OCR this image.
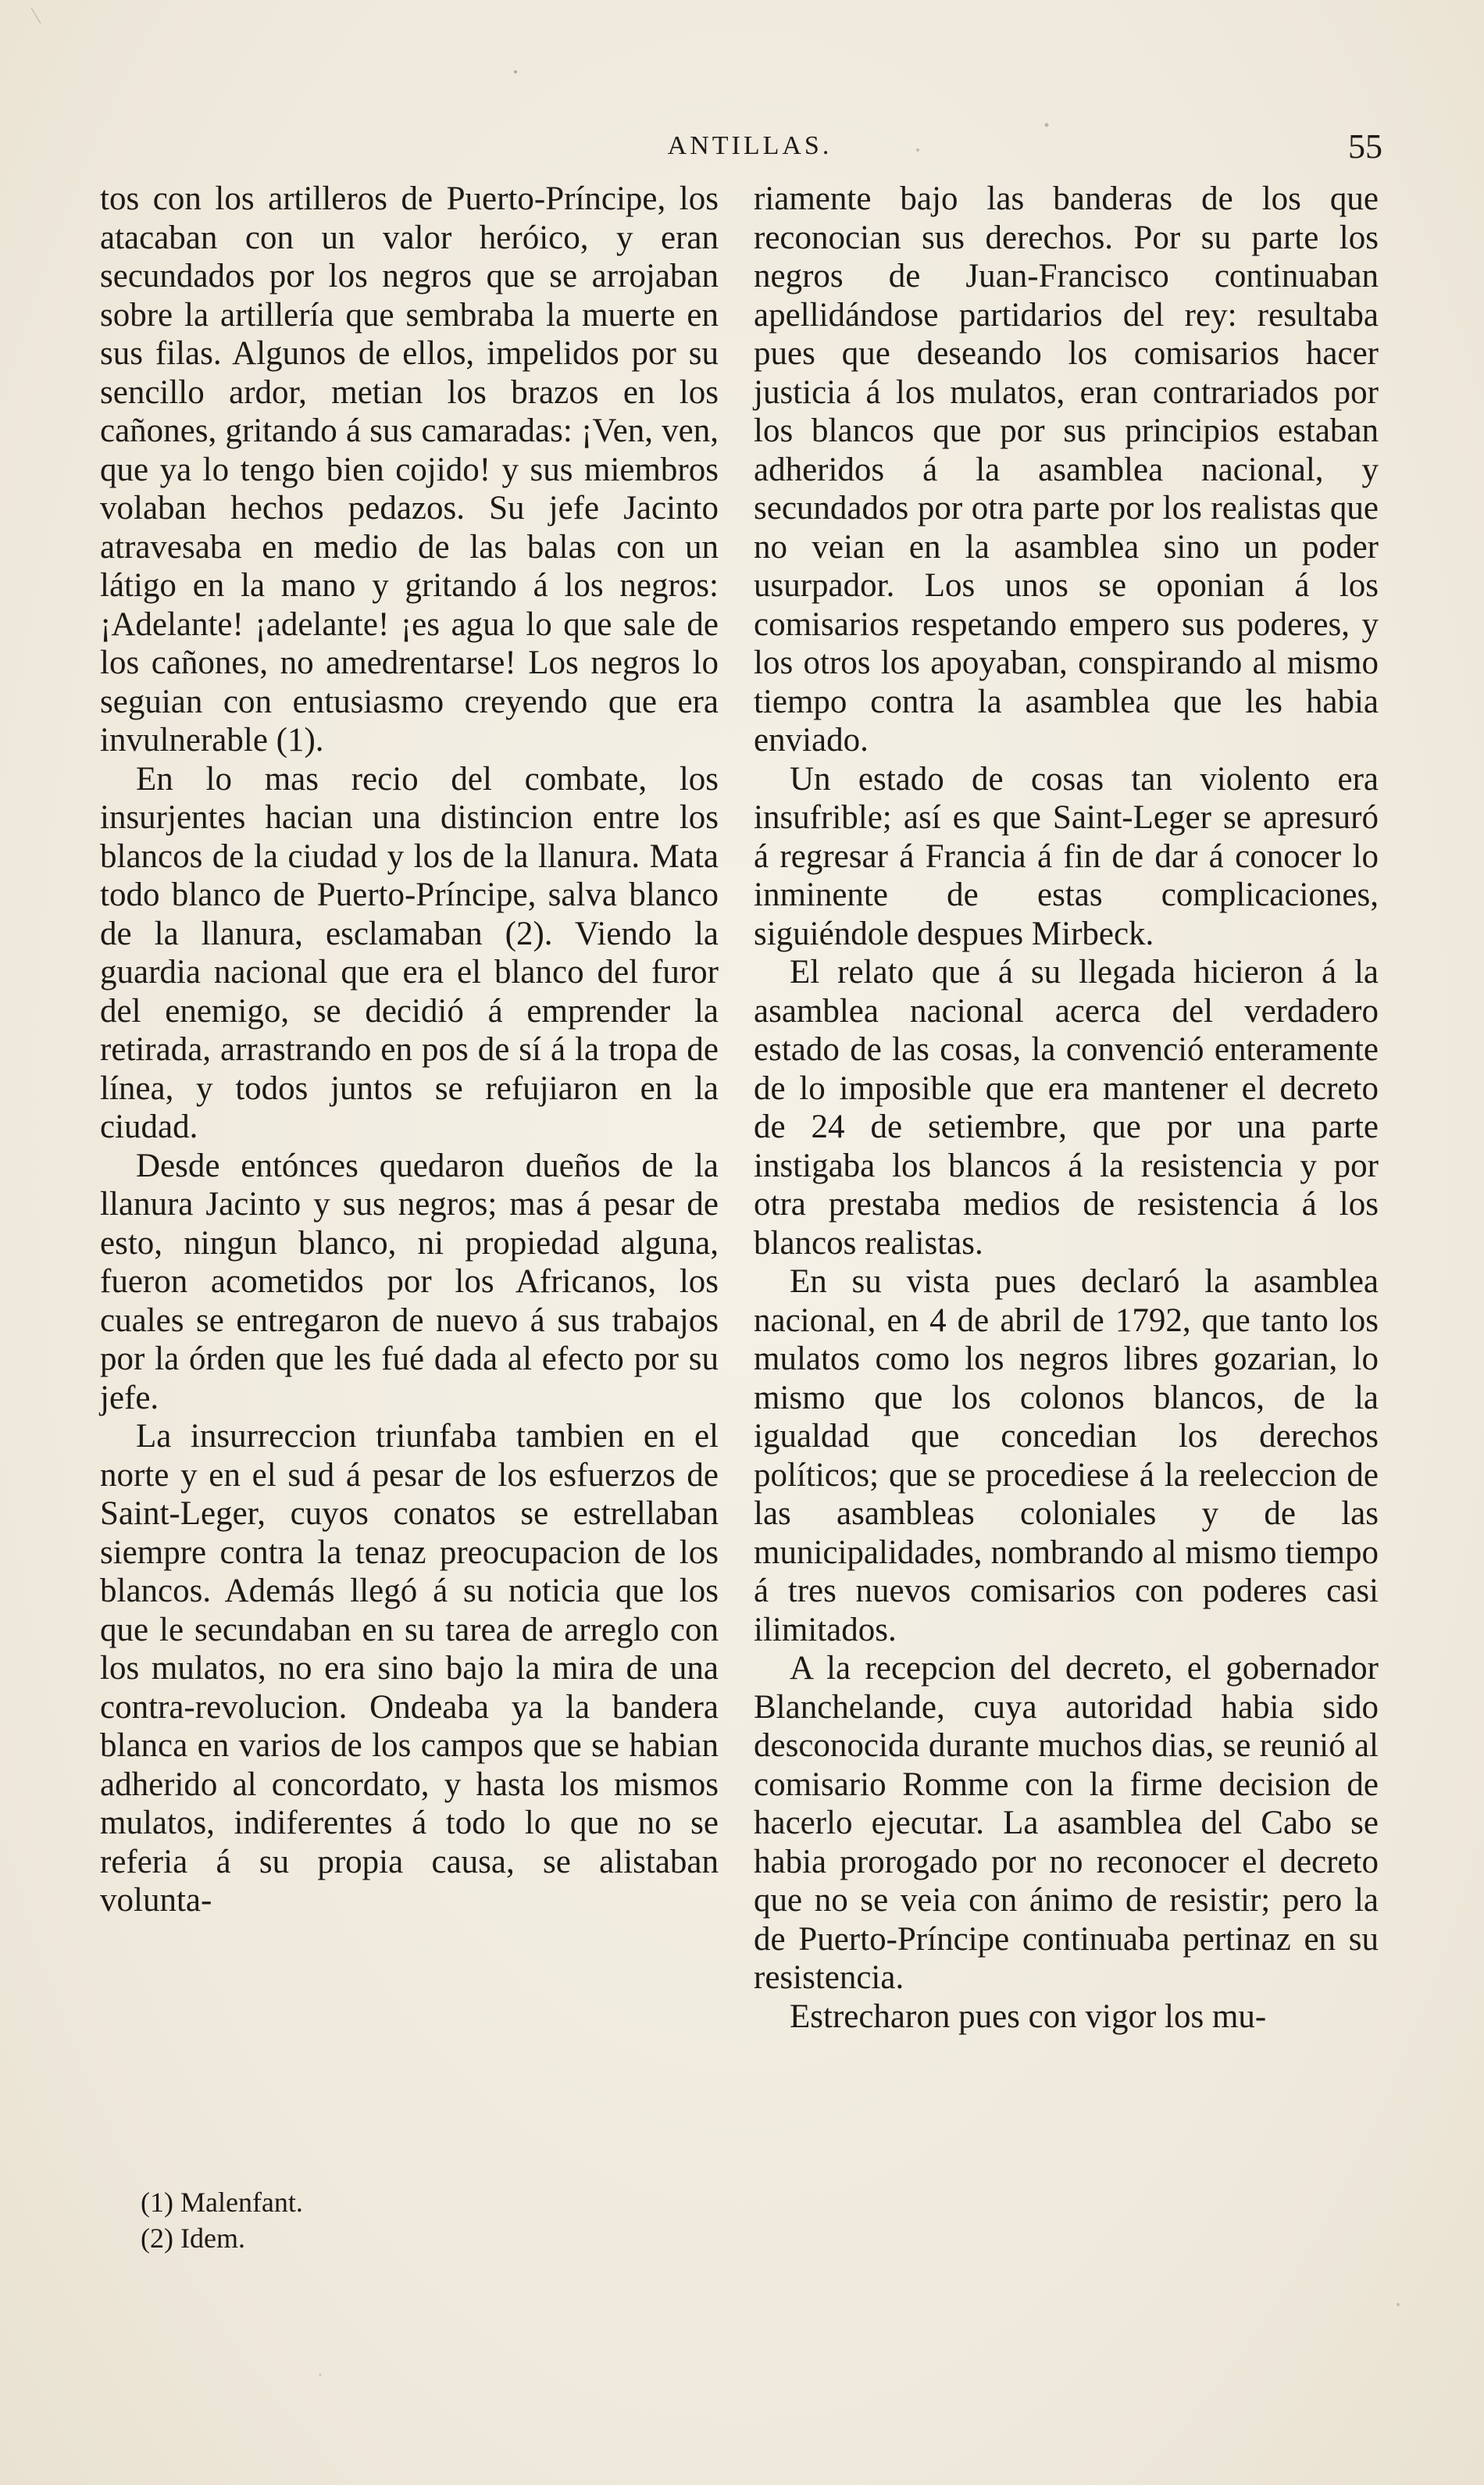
ANTILLAS.	55

tos con los artilleros de Puerto-Príncipe, los atacaban con un valor heróico, y eran secundados por los negros que se arrojaban sobre la artillería que sembraba la muerte en sus filas. Algunos de ellos, impelidos por su sencillo ardor, metian los brazos en los cañones, gritando á sus camaradas: ¡Ven, ven, que ya lo tengo bien cojido! y sus miembros volaban hechos pedazos. Su jefe Jacinto atravesaba en medio de las balas con un látigo en la mano y gritando á los negros: ¡Adelante! ¡adelante! ¡es agua lo que sale de los cañones, no amedrentarse! Los negros lo seguian con entusiasmo creyendo que era invulnerable (1).

En lo mas recio del combate, los insurjentes hacian una distincion entre los blancos de la ciudad y los de la llanura. Mata todo blanco de Puerto-Príncipe, salva blanco de la llanura, esclamaban (2). Viendo la guardia nacional que era el blanco del furor del enemigo, se decidió á emprender la retirada, arrastrando en pos de sí á la tropa de línea, y todos juntos se refujiaron en la ciudad.

Desde entónces quedaron dueños de la llanura Jacinto y sus negros; mas á pesar de esto, ningun blanco, ni propiedad alguna, fueron acometidos por los Africanos, los cuales se entregaron de nuevo á sus trabajos por la órden que les fué dada al efecto por su jefe.

La insurreccion triunfaba tambien en el norte y en el sud á pesar de los esfuerzos de Saint-Leger, cuyos conatos se estrellaban siempre contra la tenaz preocupacion de los blancos. Además llegó á su noticia que los que le secundaban en su tarea de arreglo con los mulatos, no era sino bajo la mira de una contra-revolucion. Ondeaba ya la bandera blanca en varios de los campos que se habian adherido al concordato, y hasta los mismos mulatos, indiferentes á todo lo que no se referia á su propia causa, se alistaban volunta-

riamente bajo las banderas de los que reconocian sus derechos. Por su parte los negros de Juan-Francisco continuaban apellidándose partidarios del rey: resultaba pues que deseando los comisarios hacer justicia á los mulatos, eran contrariados por los blancos que por sus principios estaban adheridos á la asamblea nacional, y secundados por otra parte por los realistas que no veian en la asamblea sino un poder usurpador. Los unos se oponian á los comisarios respetando empero sus poderes, y los otros los apoyaban, conspirando al mismo tiempo contra la asamblea que les habia enviado.

Un estado de cosas tan violento era insufrible; así es que Saint-Leger se apresuró á regresar á Francia á fin de dar á conocer lo inminente de estas complicaciones, siguiéndole despues Mirbeck.

El relato que á su llegada hicieron á la asamblea nacional acerca del verdadero estado de las cosas, la convenció enteramente de lo imposible que era mantener el decreto de 24 de setiembre, que por una parte instigaba los blancos á la resistencia y por otra prestaba medios de resistencia á los blancos realistas.

En su vista pues declaró la asamblea nacional, en 4 de abril de 1792, que tanto los mulatos como los negros libres gozarian, lo mismo que los colonos blancos, de la igualdad que concedian los derechos políticos; que se procediese á la reeleccion de las asambleas coloniales y de las municipalidades, nombrando al mismo tiempo á tres nuevos comisarios con poderes casi ilimitados.

A la recepcion del decreto, el gobernador Blanchelande, cuya autoridad habia sido desconocida durante muchos dias, se reunió al comisario Romme con la firme decision de hacerlo ejecutar. La asamblea del Cabo se habia prorogado por no reconocer el decreto que no se veia con ánimo de resistir; pero la de Puerto-Príncipe continuaba pertinaz en su resistencia.

Estrecharon pues con vigor los mu-

(1) Malenfant.
(2) Idem.
